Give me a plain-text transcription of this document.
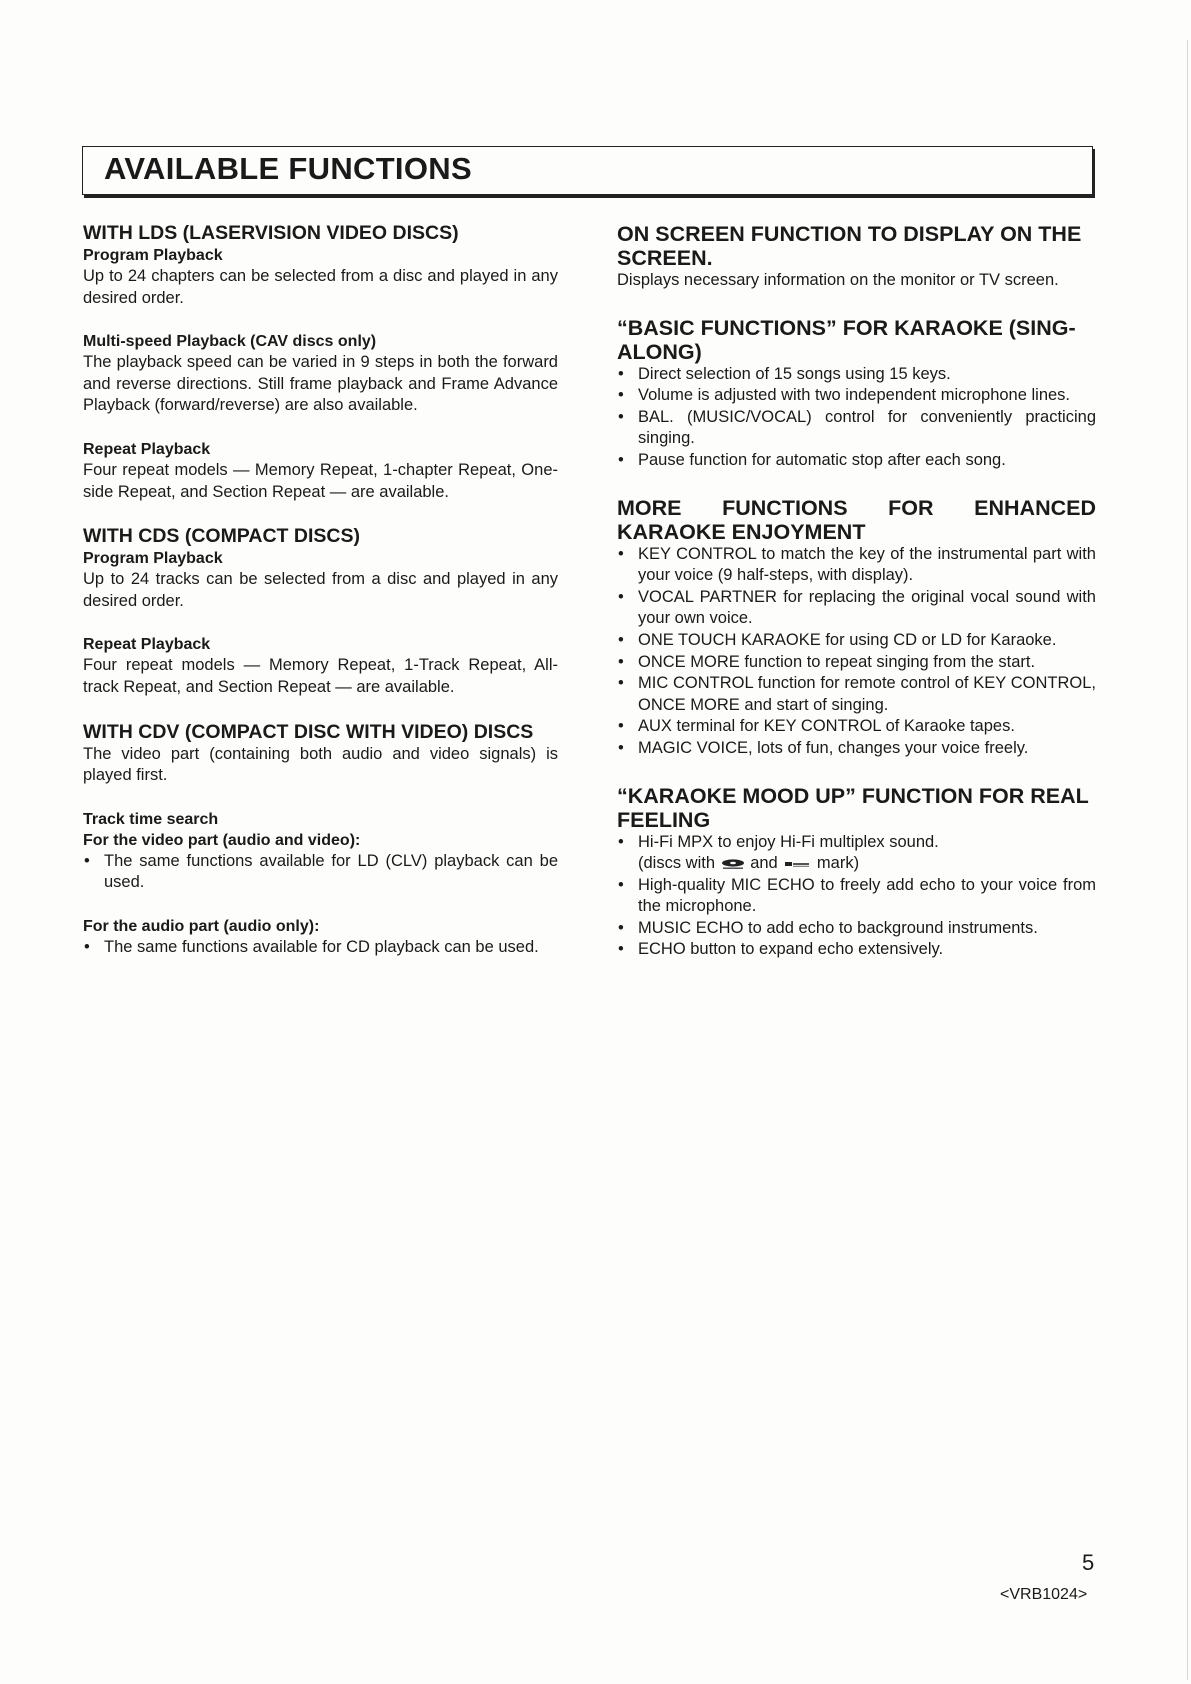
AVAILABLE FUNCTIONS

WITH LDS (LASERVISION VIDEO DISCS)

Program Playback

Up to 24 chapters can be selected from a disc and played in any desired order.

Multi-speed Playback (CAV discs only)

The playback speed can be varied in 9 steps in both the forward and reverse directions. Still frame playback and Frame Advance Playback (forward/reverse) are also available.

Repeat Playback

Four repeat models — Memory Repeat, 1-chapter Repeat, One-side Repeat, and Section Repeat — are available.

WITH CDS (COMPACT DISCS)

Program Playback

Up to 24 tracks can be selected from a disc and played in any desired order.

Repeat Playback

Four repeat models — Memory Repeat, 1-Track Repeat, All-track Repeat, and Section Repeat — are available.

WITH CDV (COMPACT DISC WITH VIDEO) DISCS

The video part (containing both audio and video signals) is played first.

Track time search

For the video part (audio and video):

• The same functions available for LD (CLV) playback can be used.

For the audio part (audio only):

• The same functions available for CD playback can be used.

ON SCREEN FUNCTION TO DISPLAY ON THE SCREEN.

Displays necessary information on the monitor or TV screen.

“BASIC FUNCTIONS” FOR KARAOKE (SING-ALONG)

• Direct selection of 15 songs using 15 keys.
• Volume is adjusted with two independent microphone lines.
• BAL. (MUSIC/VOCAL) control for conveniently practicing singing.
• Pause function for automatic stop after each song.

MORE FUNCTIONS FOR ENHANCED KARAOKE ENJOYMENT

• KEY CONTROL to match the key of the instrumental part with your voice (9 half-steps, with display).
• VOCAL PARTNER for replacing the original vocal sound with your own voice.
• ONE TOUCH KARAOKE for using CD or LD for Karaoke.
• ONCE MORE function to repeat singing from the start.
• MIC CONTROL function for remote control of KEY CONTROL, ONCE MORE and start of singing.
• AUX terminal for KEY CONTROL of Karaoke tapes.
• MAGIC VOICE, lots of fun, changes your voice freely.

“KARAOKE MOOD UP” FUNCTION FOR REAL FEELING

• Hi-Fi MPX to enjoy Hi-Fi multiplex sound.
(discs with and mark)
• High-quality MIC ECHO to freely add echo to your voice from the microphone.
• MUSIC ECHO to add echo to background instruments.
• ECHO button to expand echo extensively.
5
<VRB1024>
